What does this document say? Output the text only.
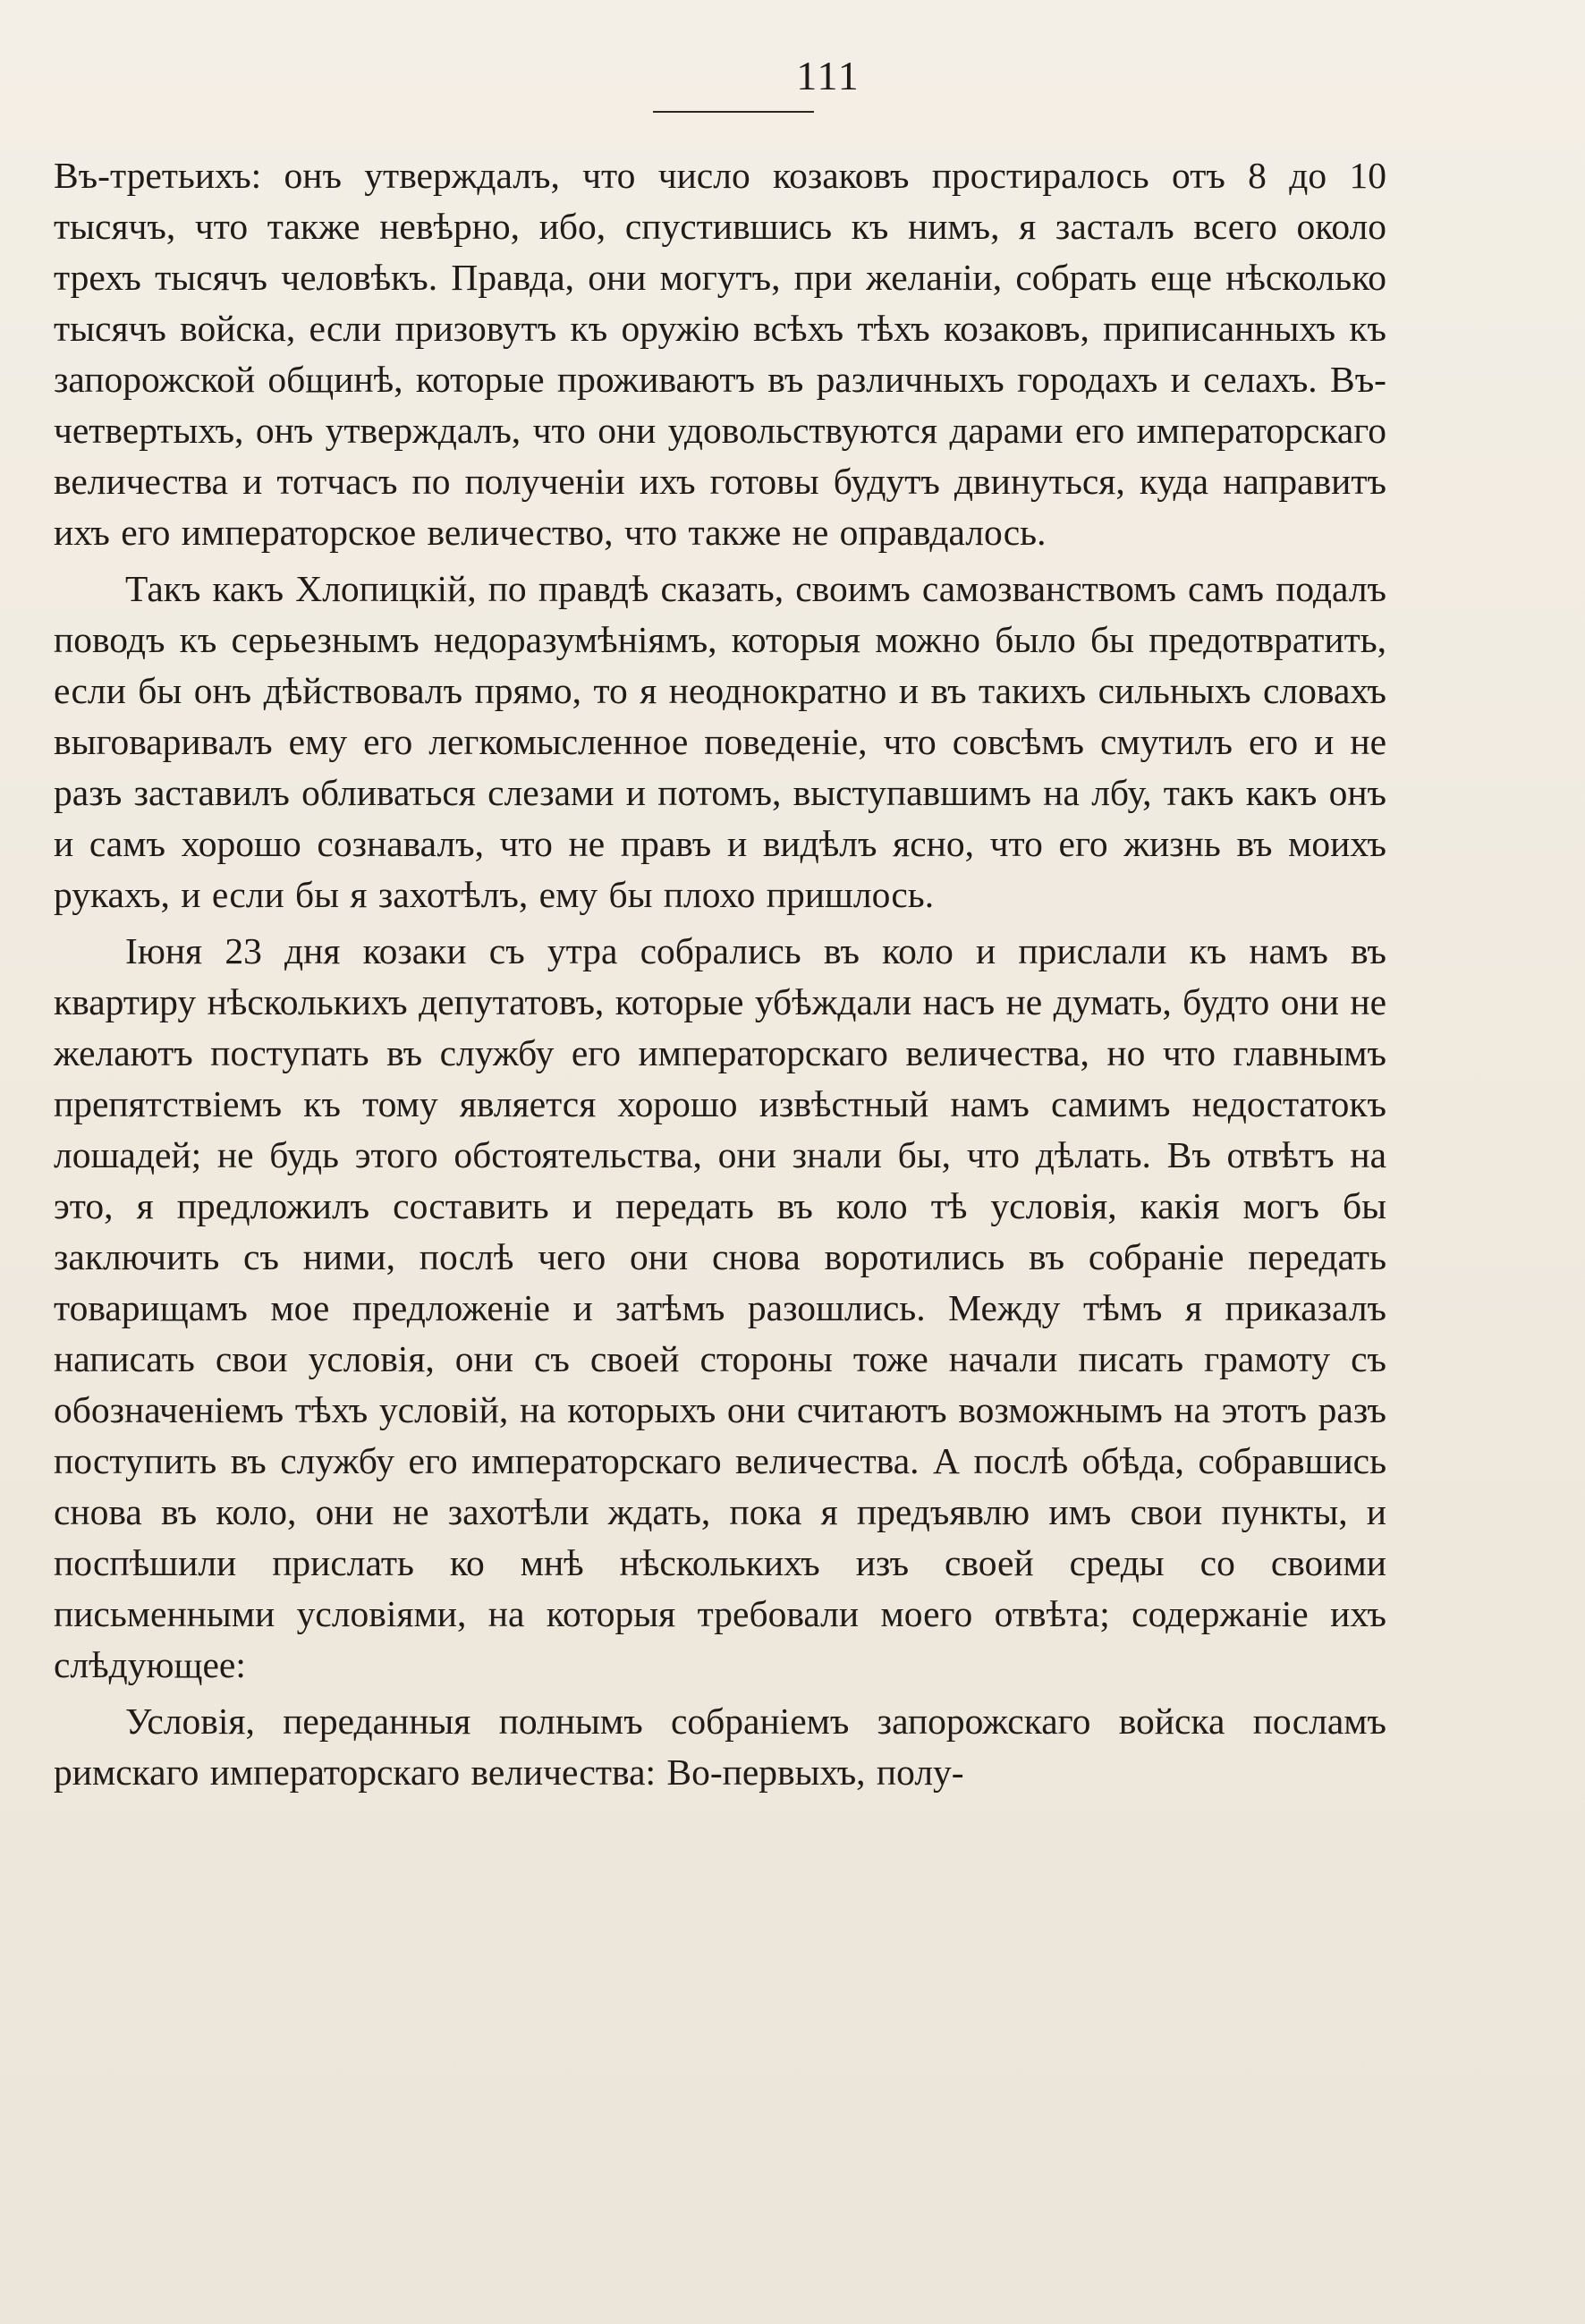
111

Въ-третьихъ: онъ утверждалъ, что число козаковъ простиралось отъ 8 до 10 тысячъ, что также невѣрно, ибо, спустившись къ нимъ, я засталъ всего около трехъ тысячъ человѣкъ. Правда, они могутъ, при желаніи, собрать еще нѣсколько тысячъ войска, если призовутъ къ оружію всѣхъ тѣхъ козаковъ, приписанныхъ къ запорожской общинѣ, которые проживаютъ въ различныхъ городахъ и селахъ. Въ-четвертыхъ, онъ утверждалъ, что они удовольствуются дарами его императорскаго величества и тотчасъ по полученіи ихъ готовы будутъ двинуться, куда направитъ ихъ его императорское величество, что также не оправдалось.

Такъ какъ Хлопицкій, по правдѣ сказать, своимъ самозванствомъ самъ подалъ поводъ къ серьезнымъ недоразумѣніямъ, которыя можно было бы предотвратить, если бы онъ дѣйствовалъ прямо, то я неоднократно и въ такихъ сильныхъ словахъ выговаривалъ ему его легкомысленное поведеніе, что совсѣмъ смутилъ его и не разъ заставилъ обливаться слезами и потомъ, выступавшимъ на лбу, такъ какъ онъ и самъ хорошо сознавалъ, что не правъ и видѣлъ ясно, что его жизнь въ моихъ рукахъ, и если бы я захотѣлъ, ему бы плохо пришлось.

Іюня 23 дня козаки съ утра собрались въ коло и прислали къ намъ въ квартиру нѣсколькихъ депутатовъ, которые убѣждали насъ не думать, будто они не желаютъ поступать въ службу его императорскаго величества, но что главнымъ препятствіемъ къ тому является хорошо извѣстный намъ самимъ недостатокъ лошадей; не будь этого обстоятельства, они знали бы, что дѣлать. Въ отвѣтъ на это, я предложилъ составить и передать въ коло тѣ условія, какія могъ бы заключить съ ними, послѣ чего они снова воротились въ собраніе передать товарищамъ мое предложеніе и затѣмъ разошлись. Между тѣмъ я приказалъ написать свои условія, они съ своей стороны тоже начали писать грамоту съ обозначеніемъ тѣхъ условій, на которыхъ они считаютъ возможнымъ на этотъ разъ поступить въ службу его императорскаго величества. А послѣ обѣда, собравшись снова въ коло, они не захотѣли ждать, пока я предъявлю имъ свои пункты, и поспѣшили прислать ко мнѣ нѣсколькихъ изъ своей среды со своими письменными условіями, на которыя требовали моего отвѣта; содержаніе ихъ слѣдующее:

Условія, переданныя полнымъ собраніемъ запорожскаго войска посламъ римскаго императорскаго величества: Во-первыхъ, полу-
